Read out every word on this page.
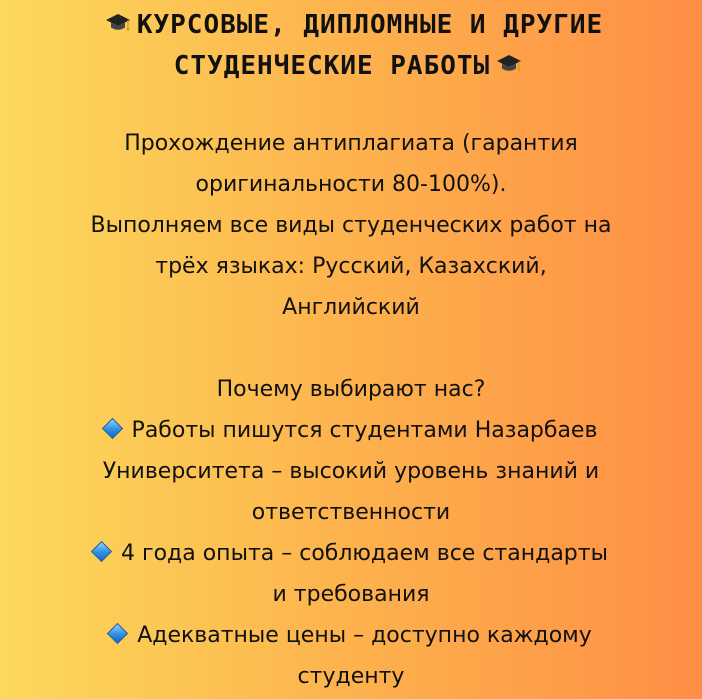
КУРСОВЫЕ, ДИПЛОМНЫЕ И ДРУГИЕ
СТУДЕНЧЕСКИЕ РАБОТЫ
Прохождение антиплагиата (гарантия
оригинальности 80-100%).
Выполняем все виды студенческих работ на
трёх языках: Русский, Казахский,
Английский
Почему выбирают нас?
Работы пишутся студентами Назарбаев
Университета – высокий уровень знаний и
ответственности
4 года опыта – соблюдаем все стандарты
и требования
Адекватные цены – доступно каждому
студенту
